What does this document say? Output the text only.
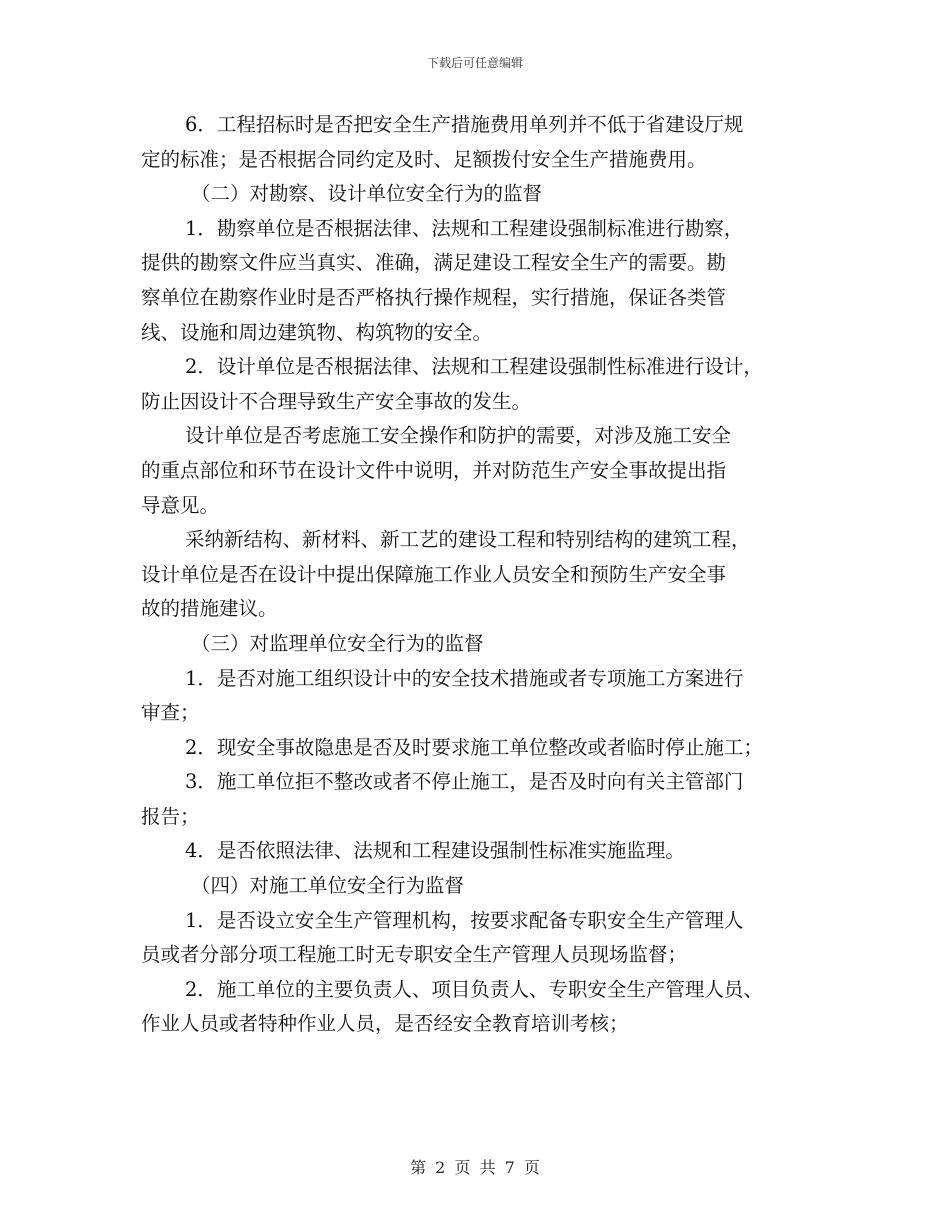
下载后可任意编辑

6．工程招标时是否把安全生产措施费用单列并不低于省建设厅规

定的标准；是否根据合同约定及时、足额拨付安全生产措施费用。

（二）对勘察、设计单位安全行为的监督

1．勘察单位是否根据法律、法规和工程建设强制标准进行勘察，

提供的勘察文件应当真实、准确，满足建设工程安全生产的需要。勘

察单位在勘察作业时是否严格执行操作规程，实行措施，保证各类管

线、设施和周边建筑物、构筑物的安全。

2．设计单位是否根据法律、法规和工程建设强制性标准进行设计，

防止因设计不合理导致生产安全事故的发生。

设计单位是否考虑施工安全操作和防护的需要，对涉及施工安全

的重点部位和环节在设计文件中说明，并对防范生产安全事故提出指

导意见。

采纳新结构、新材料、新工艺的建设工程和特别结构的建筑工程，

设计单位是否在设计中提出保障施工作业人员安全和预防生产安全事

故的措施建议。

（三）对监理单位安全行为的监督

1．是否对施工组织设计中的安全技术措施或者专项施工方案进行

审查；

2．现安全事故隐患是否及时要求施工单位整改或者临时停止施工；

3．施工单位拒不整改或者不停止施工，是否及时向有关主管部门

报告；

4．是否依照法律、法规和工程建设强制性标准实施监理。

（四）对施工单位安全行为监督

1．是否设立安全生产管理机构，按要求配备专职安全生产管理人

员或者分部分项工程施工时无专职安全生产管理人员现场监督；

2．施工单位的主要负责人、项目负责人、专职安全生产管理人员、

作业人员或者特种作业人员，是否经安全教育培训考核；

第 2 页 共 7 页
